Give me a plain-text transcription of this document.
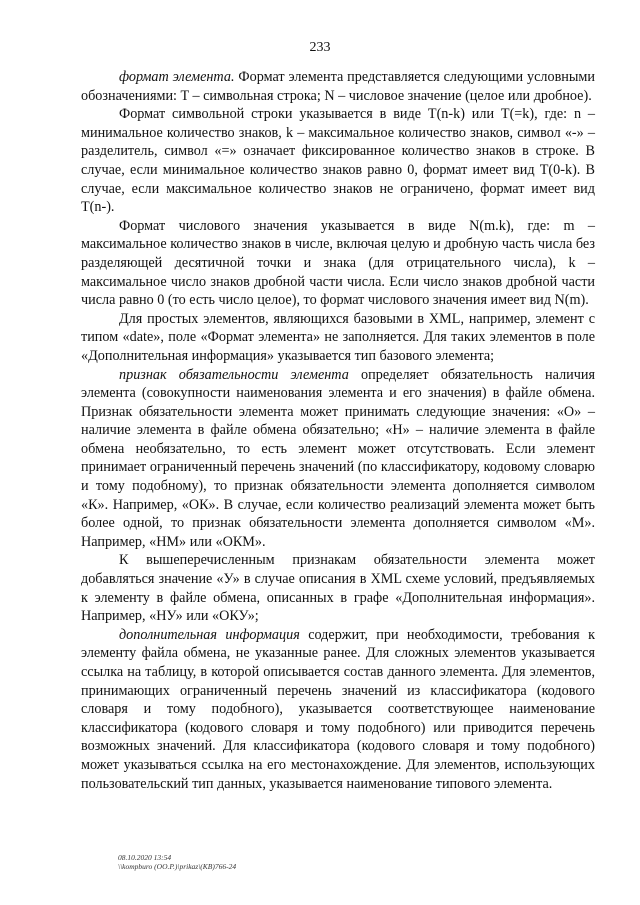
233

формат элемента. Формат элемента представляется следующими условными обозначениями: T – символьная строка; N – числовое значение (целое или дробное).

Формат символьной строки указывается в виде T(n-k) или T(=k), где: n – минимальное количество знаков, k – максимальное количество знаков, символ «-» – разделитель, символ «=» означает фиксированное количество знаков в строке. В случае, если минимальное количество знаков равно 0, формат имеет вид T(0-k). В случае, если максимальное количество знаков не ограничено, формат имеет вид T(n-).

Формат числового значения указывается в виде N(m.k), где: m – максимальное количество знаков в числе, включая целую и дробную часть числа без разделяющей десятичной точки и знака (для отрицательного числа), k – максимальное число знаков дробной части числа. Если число знаков дробной части числа равно 0 (то есть число целое), то формат числового значения имеет вид N(m).

Для простых элементов, являющихся базовыми в XML, например, элемент с типом «date», поле «Формат элемента» не заполняется. Для таких элементов в поле «Дополнительная информация» указывается тип базового элемента;

признак обязательности элемента определяет обязательность наличия элемента (совокупности наименования элемента и его значения) в файле обмена. Признак обязательности элемента может принимать следующие значения: «О» – наличие элемента в файле обмена обязательно; «Н» – наличие элемента в файле обмена необязательно, то есть элемент может отсутствовать. Если элемент принимает ограниченный перечень значений (по классификатору, кодовому словарю и тому подобному), то признак обязательности элемента дополняется символом «К». Например, «ОК». В случае, если количество реализаций элемента может быть более одной, то признак обязательности элемента дополняется символом «М». Например, «НМ» или «ОКМ».

К вышеперечисленным признакам обязательности элемента может добавляться значение «У» в случае описания в XML схеме условий, предъявляемых к элементу в файле обмена, описанных в графе «Дополнительная информация». Например, «НУ» или «ОКУ»;

дополнительная информация содержит, при необходимости, требования к элементу файла обмена, не указанные ранее. Для сложных элементов указывается ссылка на таблицу, в которой описывается состав данного элемента. Для элементов, принимающих ограниченный перечень значений из классификатора (кодового словаря и тому подобного), указывается соответствующее наименование классификатора (кодового словаря и тому подобного) или приводится перечень возможных значений. Для классификатора (кодового словаря и тому подобного) может указываться ссылка на его местонахождение. Для элементов, использующих пользовательский тип данных, указывается наименование типового элемента.

08.10.2020 13:54
\\kompburo (OO.P.)\prikaz\(КВ)766-24
